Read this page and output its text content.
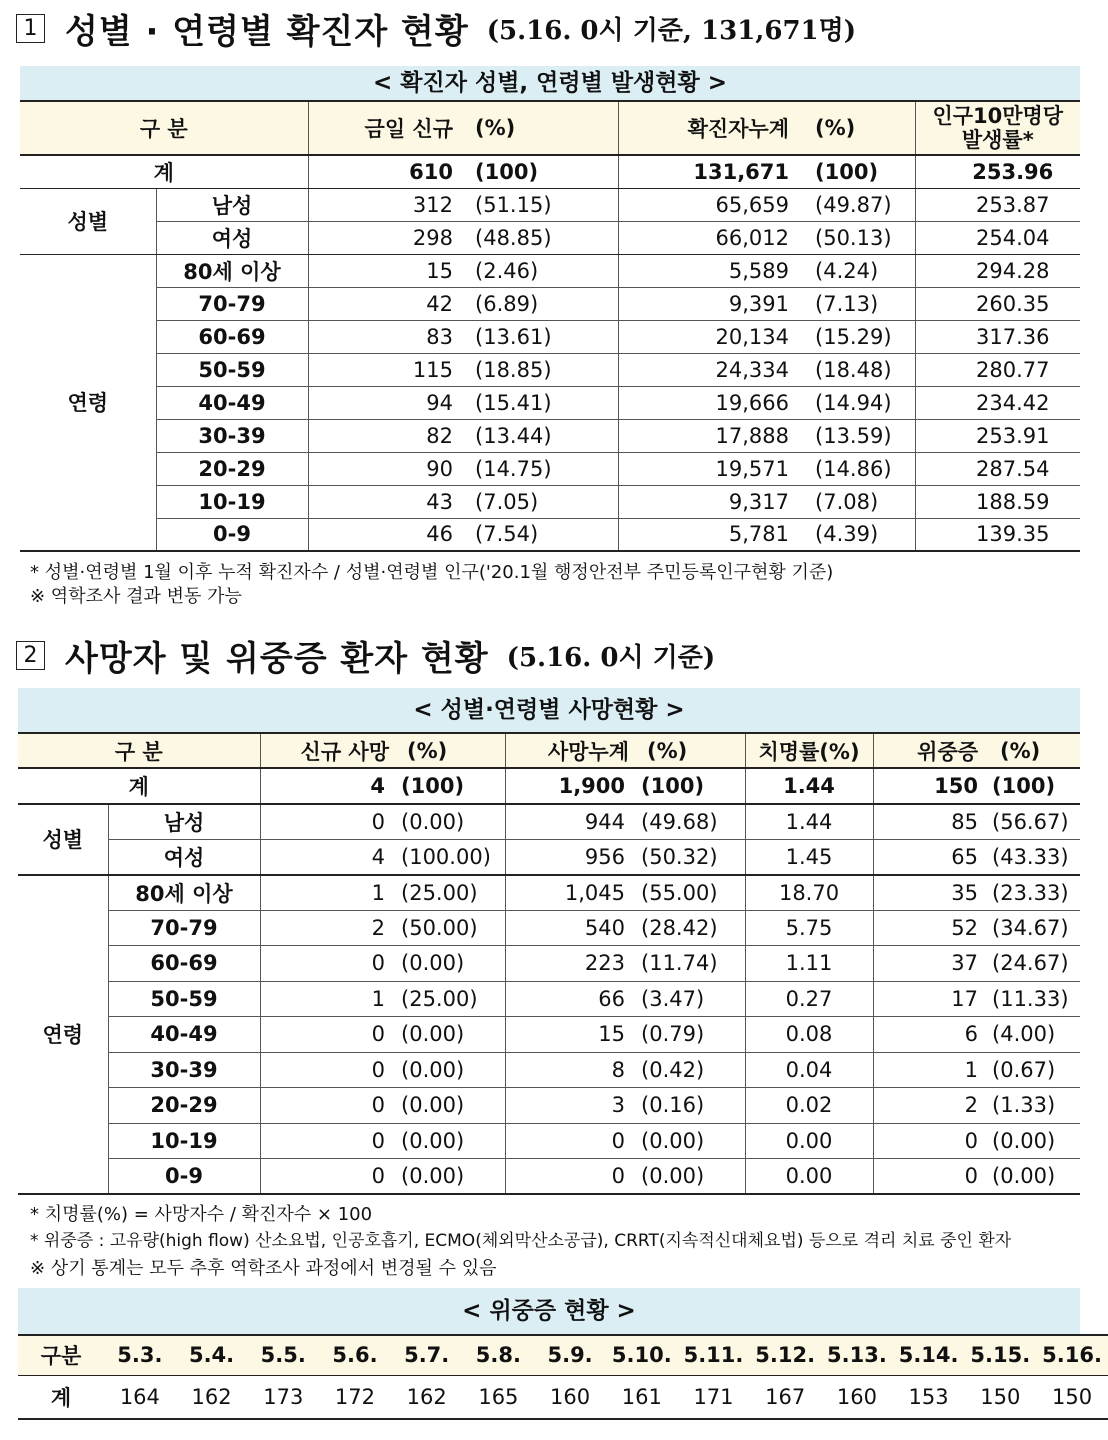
1 성별 · 연령별 확진자 현황 (5.16. 0시 기준, 131,671명)
< 확진자 성별, 연령별 발생현황 >
구 분		금일 신규	(%)	확진자누계	(%)	인구10만명당
발생률*

계		610	(100)	131,671	(100)	253.96
성별	남성	312	(51.15)	65,659	(49.87)	253.87
	여성	298	(48.85)	66,012	(50.13)	254.04
연령	80세 이상	15	(2.46)	5,589	(4.24)	294.28
	70-79	42	(6.89)	9,391	(7.13)	260.35
	60-69	83	(13.61)	20,134	(15.29)	317.36
	50-59	115	(18.85)	24,334	(18.48)	280.77
	40-49	94	(15.41)	19,666	(14.94)	234.42
	30-39	82	(13.44)	17,888	(13.59)	253.91
	20-29	90	(14.75)	19,571	(14.86)	287.54
	10-19	43	(7.05)	9,317	(7.08)	188.59
	0-9	46	(7.54)	5,781	(4.39)	139.35
* 성별·연령별 1월 이후 누적 확진자수 / 성별·연령별 인구('20.1월 행정안전부 주민등록인구현황 기준)
※ 역학조사 결과 변동 가능
2 사망자 및 위중증 환자 현황 (5.16. 0시 기준)
< 성별·연령별 사망현황 >
구 분		신규 사망	(%)	사망누계	(%)	치명률(%)	위중증	(%)
계		4	(100)	1,900	(100)	1.44	150	(100)
성별	남성	0	(0.00)	944	(49.68)	1.44	85	(56.67)
	여성	4	(100.00)	956	(50.32)	1.45	65	(43.33)
연령	80세 이상	1	(25.00)	1,045	(55.00)	18.70	35	(23.33)
	70-79	2	(50.00)	540	(28.42)	5.75	52	(34.67)
	60-69	0	(0.00)	223	(11.74)	1.11	37	(24.67)
	50-59	1	(25.00)	66	(3.47)	0.27	17	(11.33)
	40-49	0	(0.00)	15	(0.79)	0.08	6	(4.00)
	30-39	0	(0.00)	8	(0.42)	0.04	1	(0.67)
	20-29	0	(0.00)	3	(0.16)	0.02	2	(1.33)
	10-19	0	(0.00)	0	(0.00)	0.00	0	(0.00)
	0-9	0	(0.00)	0	(0.00)	0.00	0	(0.00)
* 치명률(%) = 사망자수 / 확진자수 × 100
* 위중증 : 고유량(high flow) 산소요법, 인공호흡기, ECMO(체외막산소공급), CRRT(지속적신대체요법) 등으로 격리 치료 중인 환자
※ 상기 통계는 모두 추후 역학조사 과정에서 변경될 수 있음
< 위중증 현황 >
구분	5.3.	5.4.	5.5.	5.6.	5.7.	5.8.	5.9.	5.10.	5.11.	5.12.	5.13.	5.14.	5.15.	5.16.
계	164	162	173	172	162	165	160	161	171	167	160	153	150	150
